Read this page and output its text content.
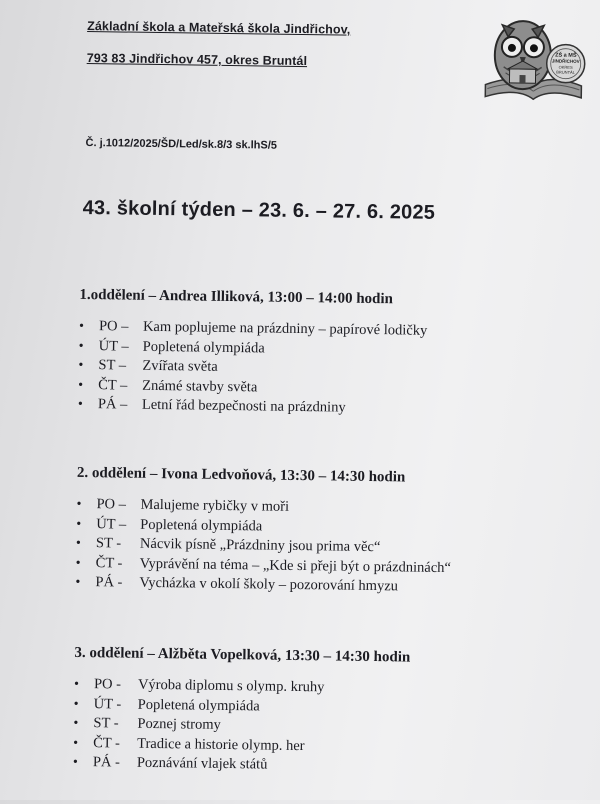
Základní škola a Mateřská škola Jindřichov,
793 83 Jindřichov 457, okres Bruntál	ZŠ a MŠ
JINDŘICHOV
OKRES
BRUNTÁL
Č. j.1012/2025/ŠD/Led/sk.8/3 sk.lhS/5
43. školní týden – 23. 6. – 27. 6. 2025
1.oddělení – Andrea Illiková, 13:00 – 14:00 hodin
•	PO – Kam poplujeme na prázdniny – papírové lodičky
•	ÚT – Popletená olympiáda
•	ST –	Zvířata světa
•	ČT –	Známé stavby světa
•	PÁ – Letní řád bezpečnosti na prázdniny
2. oddělení – Ivona Ledvoňová, 13:30 – 14:30 hodin
•	PO – Malujeme rybičky v moři
•	ÚT – Popletená olympiáda
•	ST -	Nácvik písně „Prázdniny jsou prima věc“
•	ČT -	Vyprávění na téma – „Kde si přeji být o prázdninách“
•	PÁ -	Vycházka v okolí školy – pozorování hmyzu
3. oddělení – Alžběta Vopelková, 13:30 – 14:30 hodin
•	PO -	Výroba diplomu s olymp. kruhy
•	ÚT -	Popletená olympiáda
•	ST -	Poznej stromy
•	ČT -	Tradice a historie olymp. her
•	PÁ -	Poznávání vlajek států
